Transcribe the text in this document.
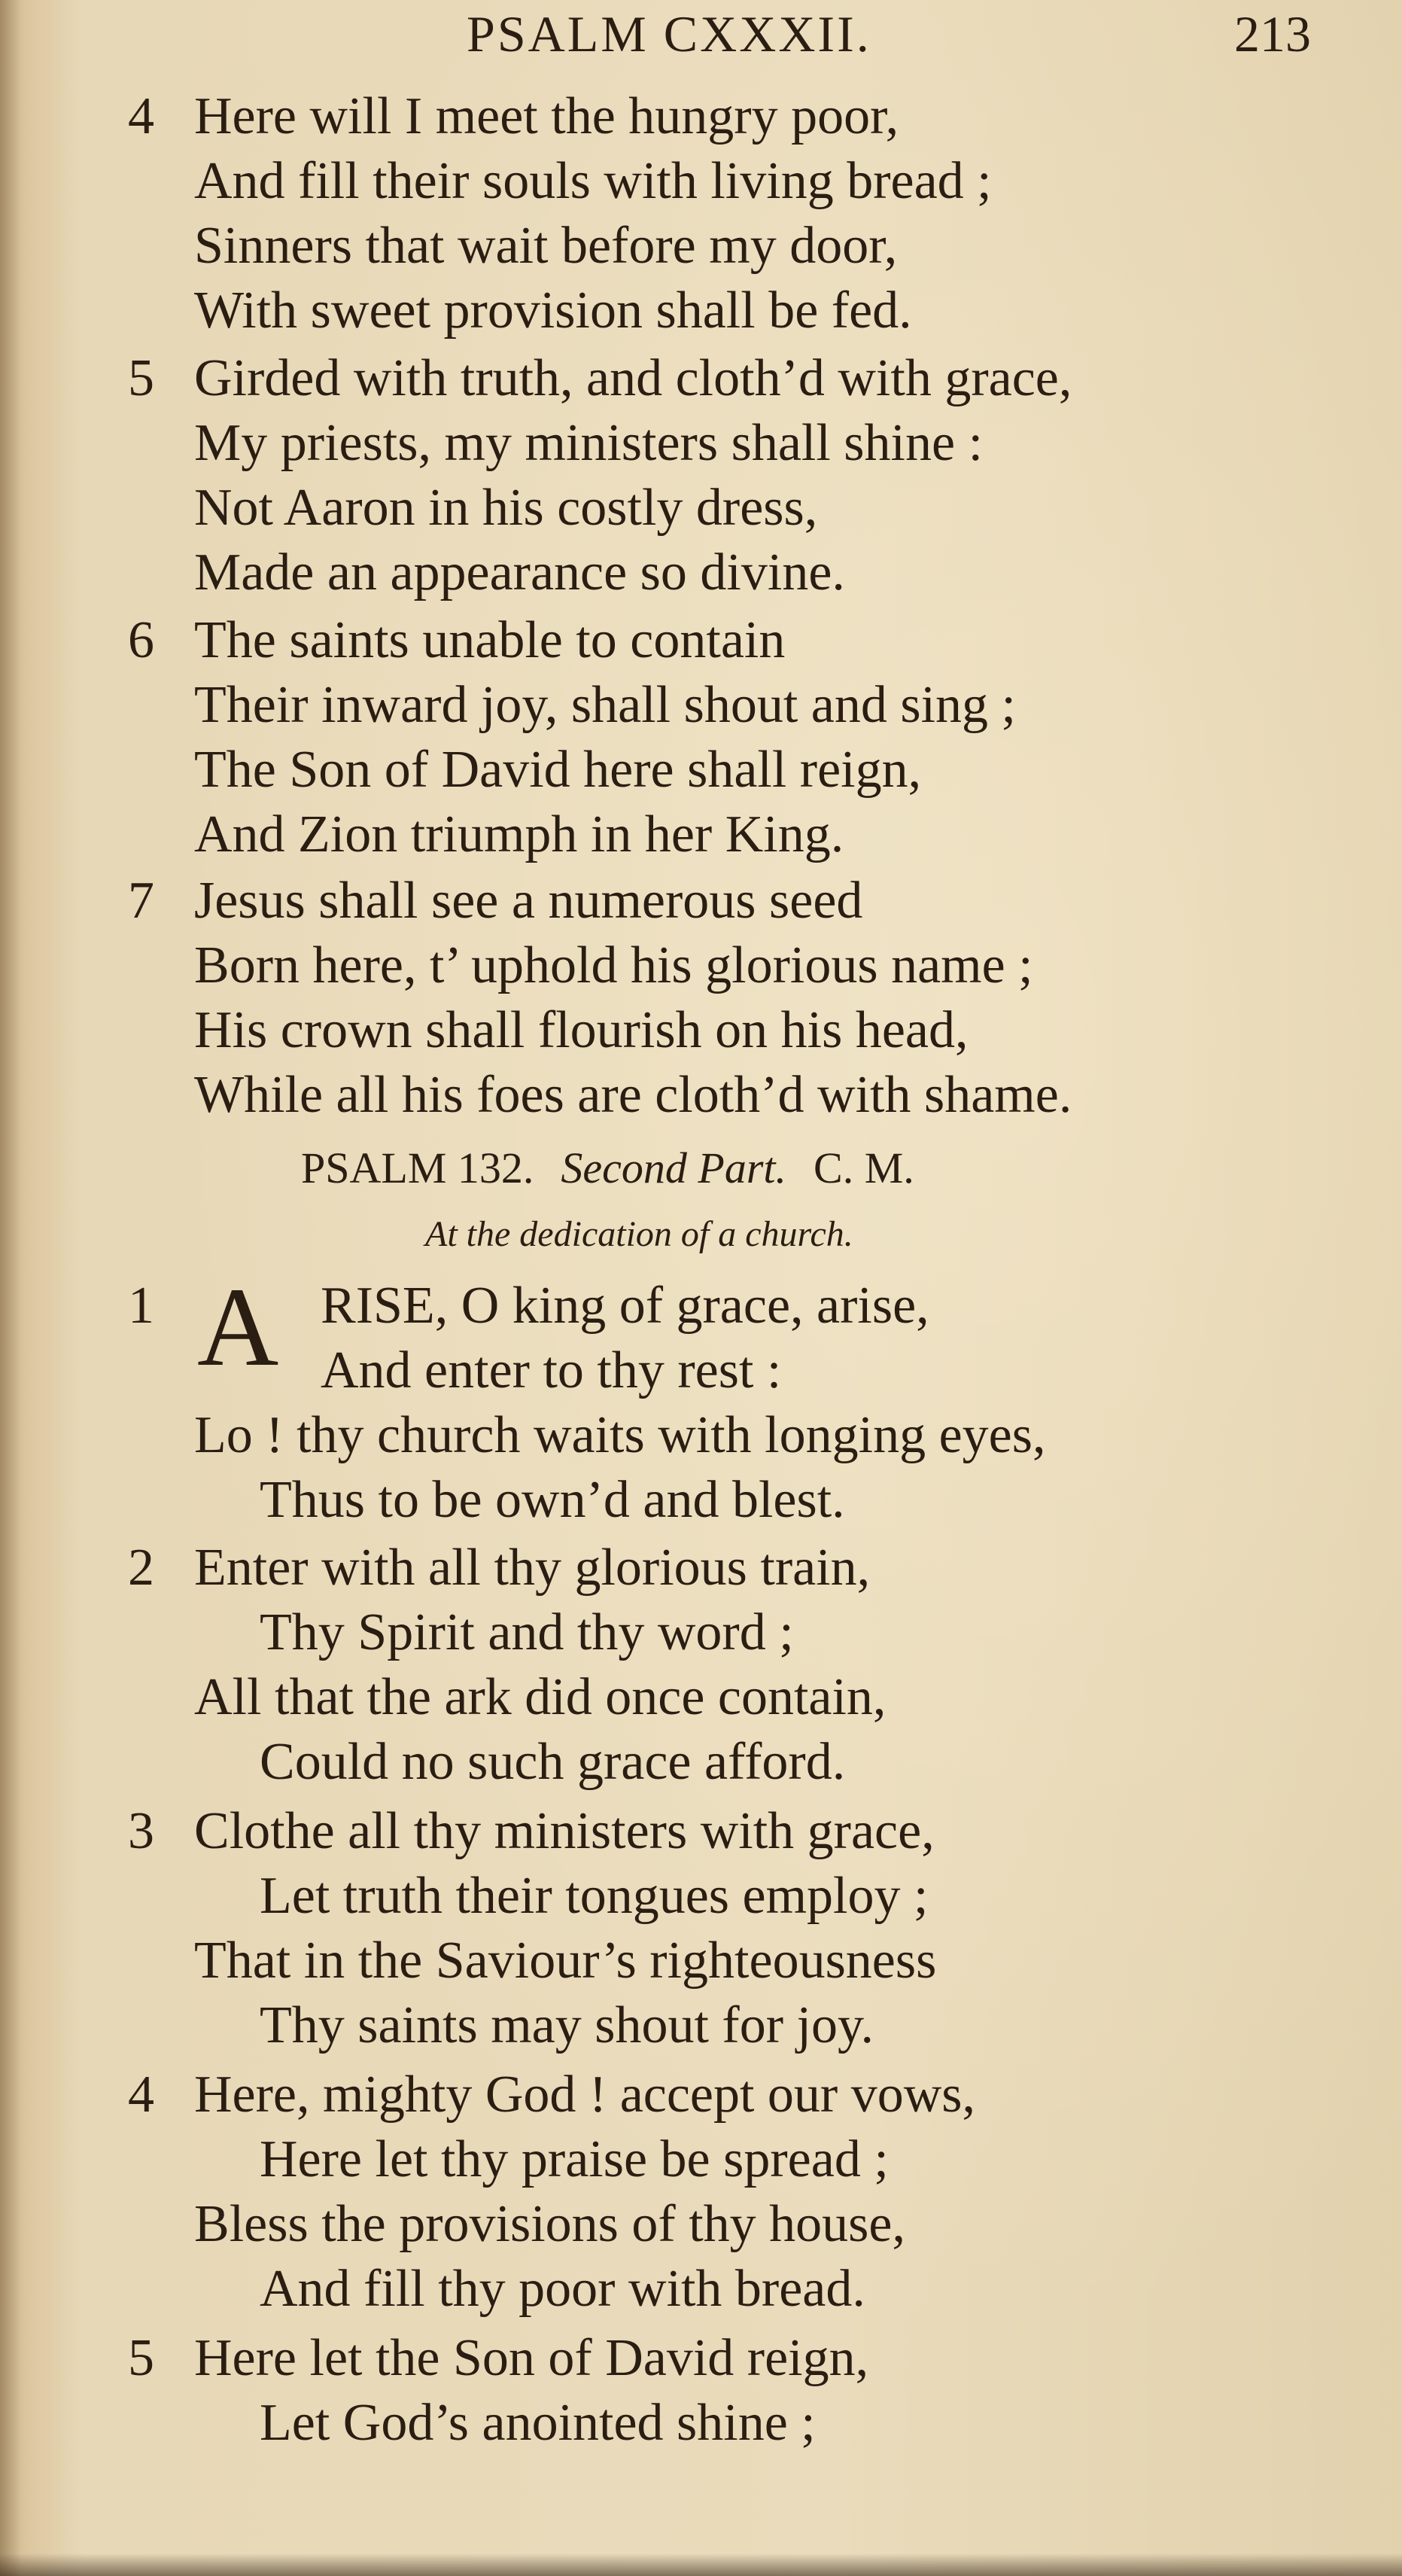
PSALM CXXXII.	213
4 Here will I meet the hungry poor,
And fill their souls with living bread ;
Sinners that wait before my door,
With sweet provision shall be fed.
5 Girded with truth, and cloth’d with grace,
My priests, my ministers shall shine :
Not Aaron in his costly dress,
Made an appearance so divine.
6 The saints unable to contain
Their inward joy, shall shout and sing ;
The Son of David here shall reign,
And Zion triumph in her King.
7 Jesus shall see a numerous seed
Born here, t’ uphold his glorious name ;
His crown shall flourish on his head,
While all his foes are cloth’d with shame.
PSALM 132. Second Part. C. M.
At the dedication of a church.
1 A RISE, O king of grace, arise,
And enter to thy rest :
Lo ! thy church waits with longing eyes,
Thus to be own’d and blest.
2 Enter with all thy glorious train,
Thy Spirit and thy word ;
All that the ark did once contain,
Could no such grace afford.
3 Clothe all thy ministers with grace,
Let truth their tongues employ ;
That in the Saviour’s righteousness
Thy saints may shout for joy.
4 Here, mighty God ! accept our vows,
Here let thy praise be spread ;
Bless the provisions of thy house,
And fill thy poor with bread.
5 Here let the Son of David reign,
Let God’s anointed shine ;
